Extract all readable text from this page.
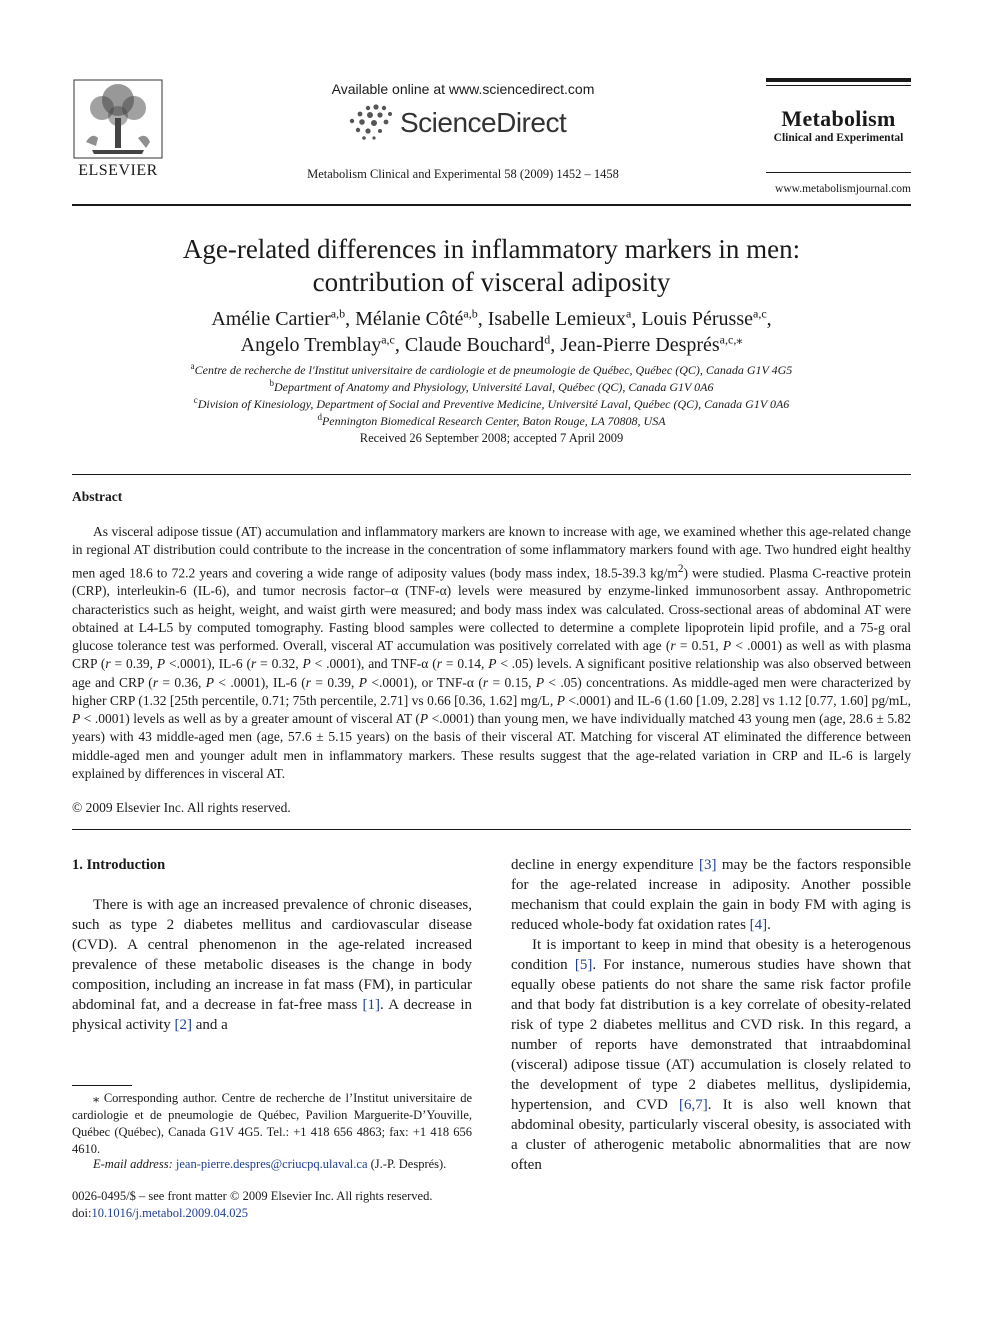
ELSEVIER
Available online at www.sciencedirect.com
ScienceDirect
Metabolism Clinical and Experimental 58 (2009) 1452 – 1458
Metabolism
Clinical and Experimental
www.metabolismjournal.com
Age-related differences in inflammatory markers in men:
contribution of visceral adiposity
Amélie Cartier$^{a,b}$, Mélanie Côté$^{a,b}$, Isabelle Lemieux$^a$, Louis Pérusse$^{a,c}$,
Angelo Tremblay$^{a,c}$, Claude Bouchard$^d$, Jean-Pierre Després$^{a,c,⁎}$
$^a$Centre de recherche de l'Institut universitaire de cardiologie et de pneumologie de Québec, Québec (QC), Canada G1V 4G5
$^b$Department of Anatomy and Physiology, Université Laval, Québec (QC), Canada G1V 0A6
$^c$Division of Kinesiology, Department of Social and Preventive Medicine, Université Laval, Québec (QC), Canada G1V 0A6
$^d$Pennington Biomedical Research Center, Baton Rouge, LA 70808, USA
Received 26 September 2008; accepted 7 April 2009
Abstract

As visceral adipose tissue (AT) accumulation and inflammatory markers are known to increase with age, we examined whether this age-related change in regional AT distribution could contribute to the increase in the concentration of some inflammatory markers found with age. Two hundred eight healthy men aged 18.6 to 72.2 years and covering a wide range of adiposity values (body mass index, 18.5-39.3 $kg/m^2$) were studied. Plasma C-reactive protein (CRP), interleukin-6 (IL-6), and tumor necrosis factor–α (TNF-α) levels were measured by enzyme-linked immunosorbent assay. Anthropometric characteristics such as height, weight, and waist girth were measured; and body mass index was calculated. Cross-sectional areas of abdominal AT were obtained at L4-L5 by computed tomography. Fasting blood samples were collected to determine a complete lipoprotein lipid profile, and a 75-g oral glucose tolerance test was performed. Overall, visceral AT accumulation was positively correlated with age (r = 0.51, P < .0001) as well as with plasma CRP (r = 0.39, P <.0001), IL-6 (r = 0.32, P < .0001), and TNF-α (r = 0.14, P < .05) levels. A significant positive relationship was also observed between age and CRP (r = 0.36, P < .0001), IL-6 (r = 0.39, P <.0001), or TNF-α (r = 0.15, P < .05) concentrations. As middle-aged men were characterized by higher CRP (1.32 [25th percentile, 0.71; 75th percentile, 2.71] vs 0.66 [0.36, 1.62] mg/L, P <.0001) and IL-6 (1.60 [1.09, 2.28] vs 1.12 [0.77, 1.60] pg/mL, P < .0001) levels as well as by a greater amount of visceral AT (P <.0001) than young men, we have individually matched 43 young men (age, 28.6 ± 5.82 years) with 43 middle-aged men (age, 57.6 ± 5.15 years) on the basis of their visceral AT. Matching for visceral AT eliminated the difference between middle-aged men and younger adult men in inflammatory markers. These results suggest that the age-related variation in CRP and IL-6 is largely explained by differences in visceral AT.

© 2009 Elsevier Inc. All rights reserved.
1. Introduction

There is with age an increased prevalence of chronic diseases, such as type 2 diabetes mellitus and cardiovascular disease (CVD). A central phenomenon in the age-related increased prevalence of these metabolic diseases is the change in body composition, including an increase in fat mass (FM), in particular abdominal fat, and a decrease in fat-free mass [1]. A decrease in physical activity [2] and a

decline in energy expenditure [3] may be the factors responsible for the age-related increase in adiposity. Another possible mechanism that could explain the gain in body FM with aging is reduced whole-body fat oxidation rates [4].

It is important to keep in mind that obesity is a heterogenous condition [5]. For instance, numerous studies have shown that equally obese patients do not share the same risk factor profile and that body fat distribution is a key correlate of obesity-related risk of type 2 diabetes mellitus and CVD risk. In this regard, a number of reports have demonstrated that intraabdominal (visceral) adipose tissue (AT) accumulation is closely related to the development of type 2 diabetes mellitus, dyslipidemia, hypertension, and CVD [6,7]. It is also well known that abdominal obesity, particularly visceral obesity, is associated with a cluster of atherogenic metabolic abnormalities that are now often

⁎ Corresponding author. Centre de recherche de l’Institut universitaire de cardiologie et de pneumologie de Québec, Pavilion Marguerite-D’Youville, Québec (Québec), Canada G1V 4G5. Tel.: +1 418 656 4863; fax: +1 418 656 4610.

E-mail address: jean-pierre.despres@criucpq.ulaval.ca (J.-P. Després).
0026-0495/$ – see front matter © 2009 Elsevier Inc. All rights reserved.
doi:10.1016/j.metabol.2009.04.025
